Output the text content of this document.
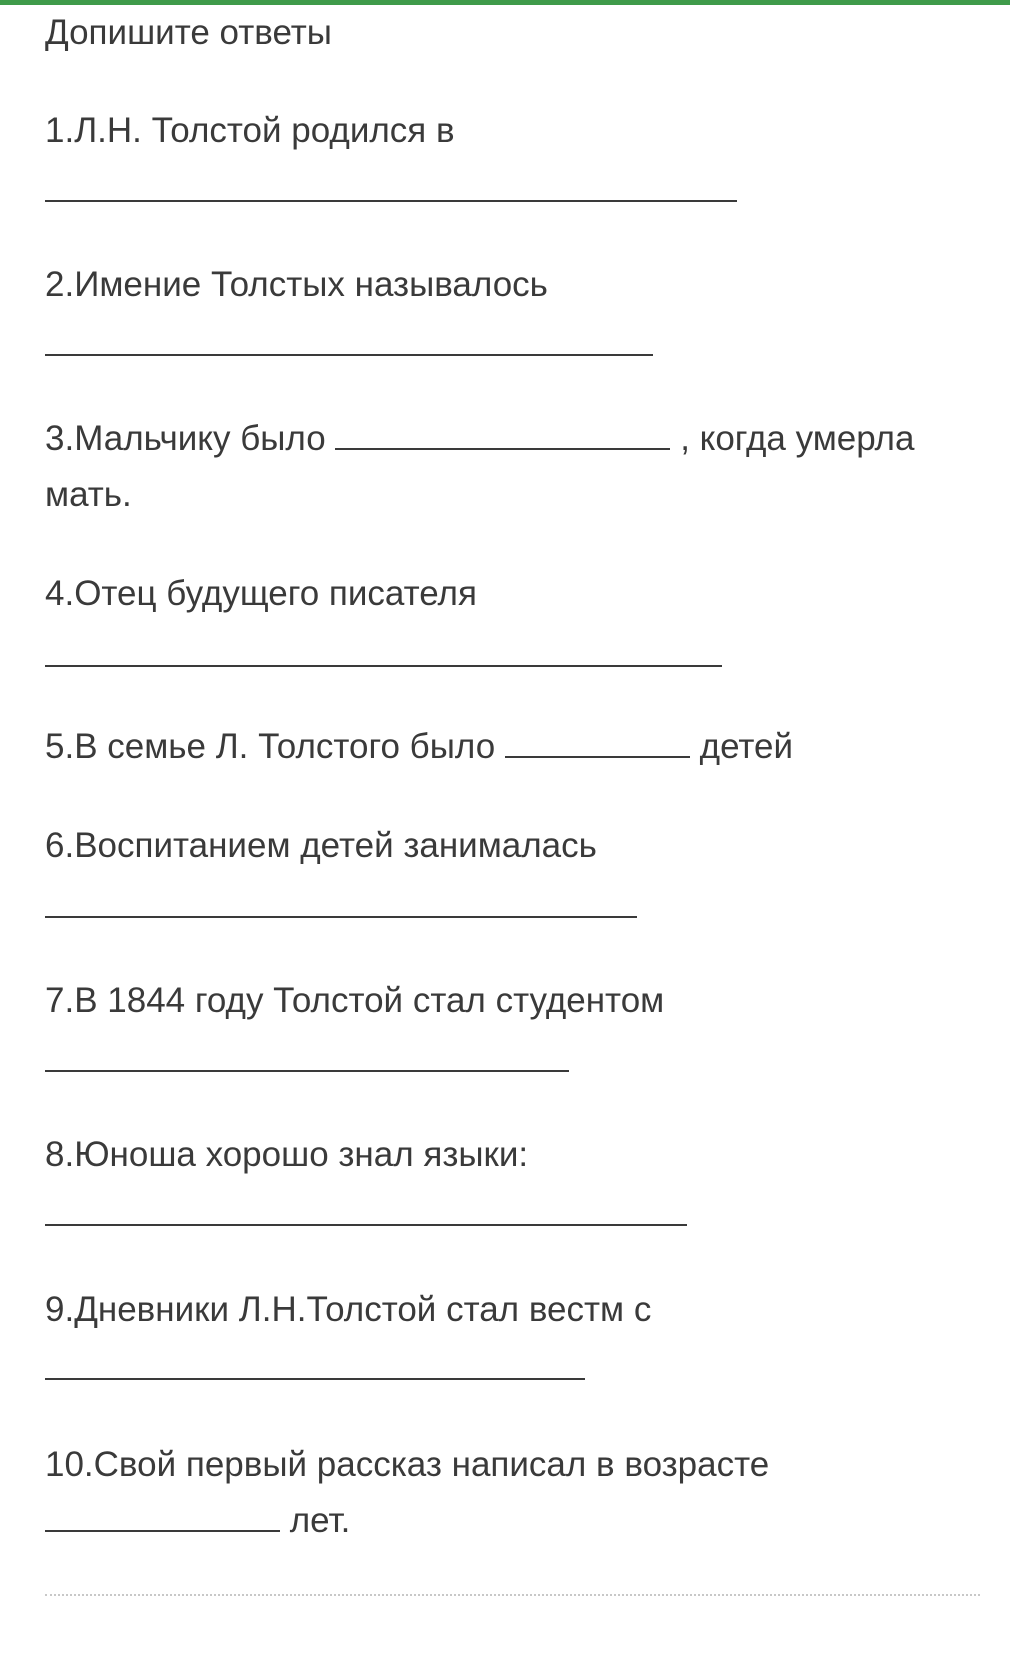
Допишите ответы
1.Л.Н. Толстой родился в
2.Имение Толстых называлось
3.Мальчику было	, когда умерла
мать.
4.Отец будущего писателя
5.В семье Л. Толстого было	детей
6.Воспитанием детей занималась
7.В 1844 году Толстой стал студентом
8.Юноша хорошо знал языки:
9.Дневники Л.Н.Толстой стал вестм с
10.Свой первый рассказ написал в возрасте
лет.
